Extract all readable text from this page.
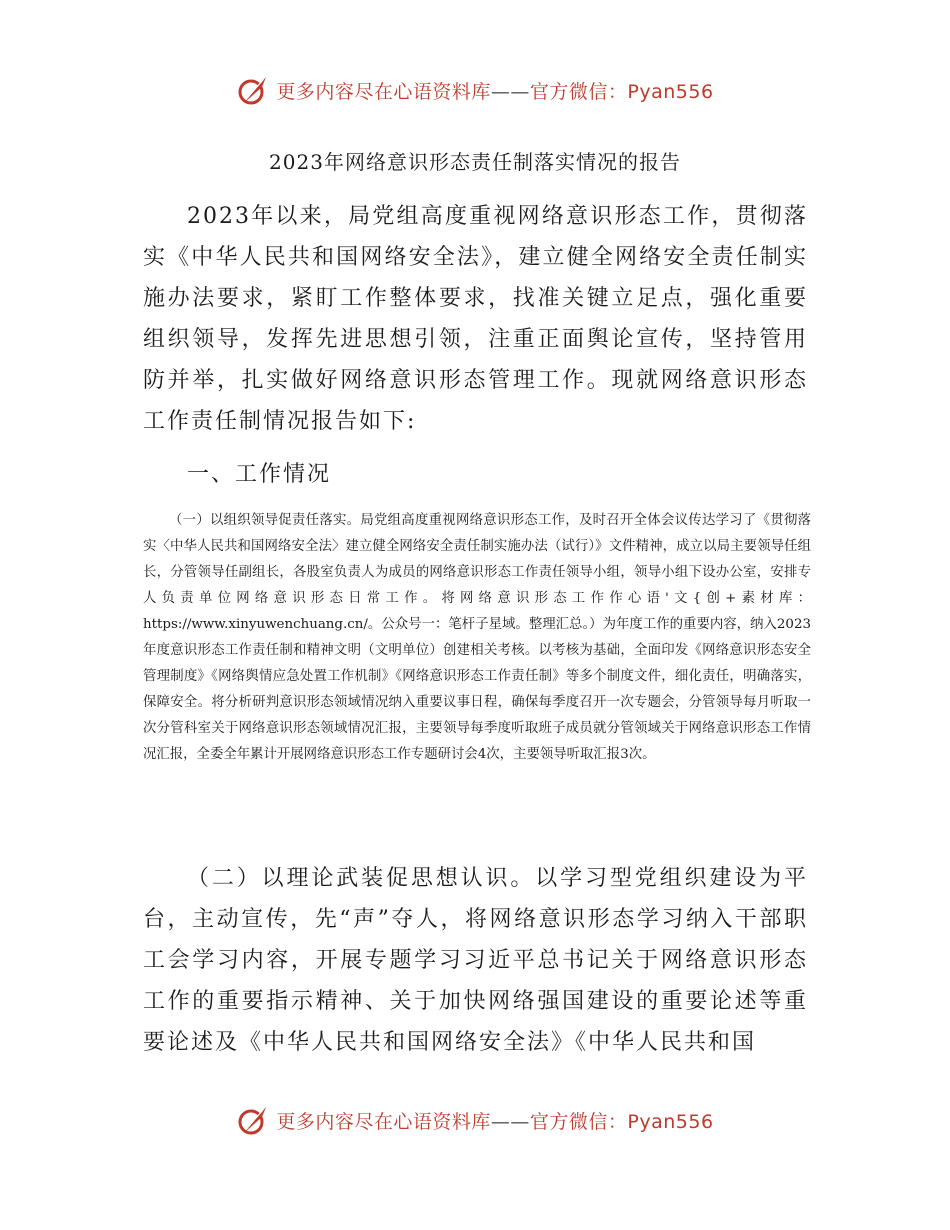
更多内容尽在心语资料库——官方微信：Pyan556
2023年网络意识形态责任制落实情况的报告

2023年以来，局党组高度重视网络意识形态工作，贯彻落实《中华人民共和国网络安全法》，建立健全网络安全责任制实施办法要求，紧盯工作整体要求，找准关键立足点，强化重要组织领导，发挥先进思想引领，注重正面舆论宣传，坚持管用防并举，扎实做好网络意识形态管理工作。现就网络意识形态工作责任制情况报告如下:

一、工作情况

（一）以组织领导促责任落实。局党组高度重视网络意识形态工作，及时召开全体会议传达学习了《贯彻落实〈中华人民共和国网络安全法〉建立健全网络安全责任制实施办法（试行）》文件精神，成立以局主要领导任组长，分管领导任副组长，各股室负责人为成员的网络意识形态工作责任领导小组，领导小组下设办公室，安排专人负责单位网络意识形态日常工作。将网络意识形态工作作心语'文{创+素材库：https://www.xinyuwenchuang.cn/。公众号一：笔杆子星域。整理汇总。）为年度工作的重要内容，纳入2023年度意识形态工作责任制和精神文明（文明单位）创建相关考核。以考核为基础，全面印发《网络意识形态安全管理制度》《网络舆情应急处置工作机制》《网络意识形态工作责任制》等多个制度文件，细化责任，明确落实，保障安全。将分析研判意识形态领域情况纳入重要议事日程，确保每季度召开一次专题会，分管领导每月听取一次分管科室关于网络意识形态领域情况汇报，主要领导每季度听取班子成员就分管领域关于网络意识形态工作情况汇报，全委全年累计开展网络意识形态工作专题研讨会4次，主要领导听取汇报3次。

（二）以理论武装促思想认识。以学习型党组织建设为平台，主动宣传，先“声”夺人，将网络意识形态学习纳入干部职工会学习内容，开展专题学习习近平总书记关于网络意识形态工作的重要指示精神、关于加快网络强国建设的重要论述等重要论述及《中华人民共和国网络安全法》《中华人民共和国

更多内容尽在心语资料库——官方微信：Pyan556
